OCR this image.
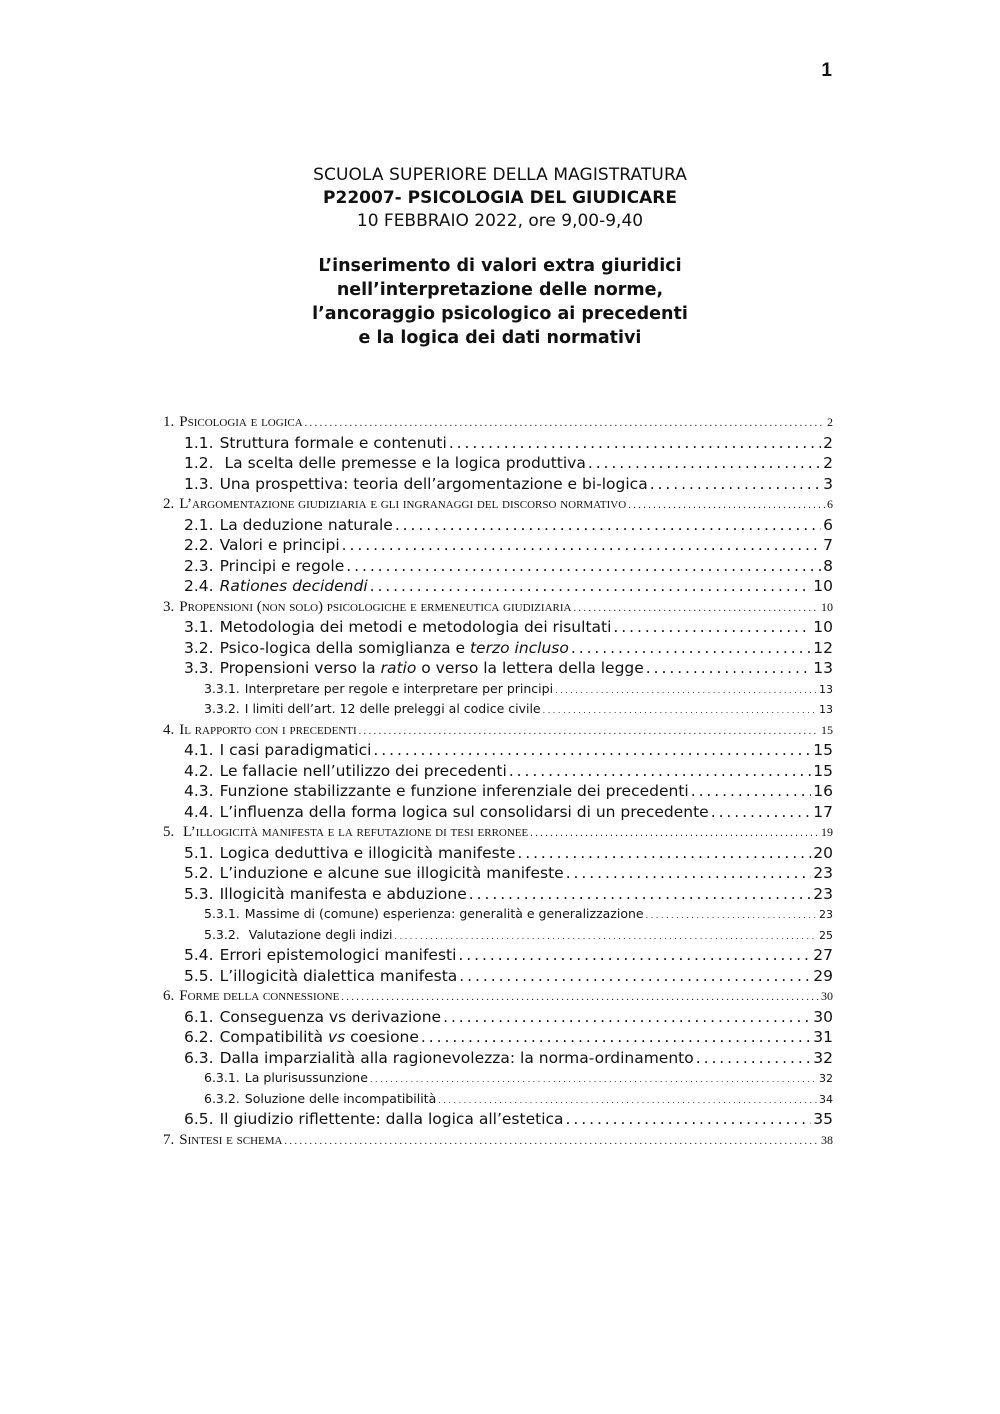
1
SCUOLA SUPERIORE DELLA MAGISTRATURA
P22007- PSICOLOGIA DEL GIUDICARE
10 FEBBRAIO 2022, ore 9,00-9,40
L’inserimento di valori extra giuridici
nell’interpretazione delle norme,
l’ancoraggio psicologico ai precedenti
e la logica dei dati normativi
1. Psicologia e logica . . .	2
1.1. Struttura formale e contenuti . . .	2
1.2. La scelta delle premesse e la logica produttiva . . .	2
1.3. Una prospettiva: teoria dell’argomentazione e bi-logica . . .	3
2. L’argomentazione giudiziaria e gli ingranaggi del discorso normativo . . .	6
2.1. La deduzione naturale . . .	6
2.2. Valori e principi . . .	7
2.3. Principi e regole . . .	8
2.4. Rationes decidendi . . .	10
3. Propensioni (non solo) psicologiche e ermeneutica giudiziaria . . .	10
3.1. Metodologia dei metodi e metodologia dei risultati . . .	10
3.2. Psico-logica della somiglianza e terzo incluso . . .	12
3.3. Propensioni verso la ratio o verso la lettera della legge . . .	13
3.3.1. Interpretare per regole e interpretare per principi . . .	13
3.3.2. I limiti dell’art. 12 delle preleggi al codice civile . . .	13
4. Il rapporto con i precedenti . . .	15
4.1. I casi paradigmatici . . .	15
4.2. Le fallacie nell’utilizzo dei precedenti . . .	15
4.3. Funzione stabilizzante e funzione inferenziale dei precedenti . . .	16
4.4. L’influenza della forma logica sul consolidarsi di un precedente . . .	17
5. L’illogicità manifesta e la refutazione di tesi erronee . . .	19
5.1. Logica deduttiva e illogicità manifeste . . .	20
5.2. L’induzione e alcune sue illogicità manifeste . . .	23
5.3. Illogicità manifesta e abduzione . . .	23
5.3.1. Massime di (comune) esperienza: generalità e generalizzazione . . .	23
5.3.2. Valutazione degli indizi . . .	25
5.4. Errori epistemologici manifesti . . .	27
5.5. L’illogicità dialettica manifesta . . .	29
6. Forme della connessione . . .	30
6.1. Conseguenza vs derivazione . . .	30
6.2. Compatibilità vs coesione . . .	31
6.3. Dalla imparzialità alla ragionevolezza: la norma-ordinamento . . .	32
6.3.1. La plurisussunzione . . .	32
6.3.2. Soluzione delle incompatibilità . . .	34
6.5. Il giudizio riflettente: dalla logica all’estetica . . .	35
7. Sintesi e schema . . .	38
